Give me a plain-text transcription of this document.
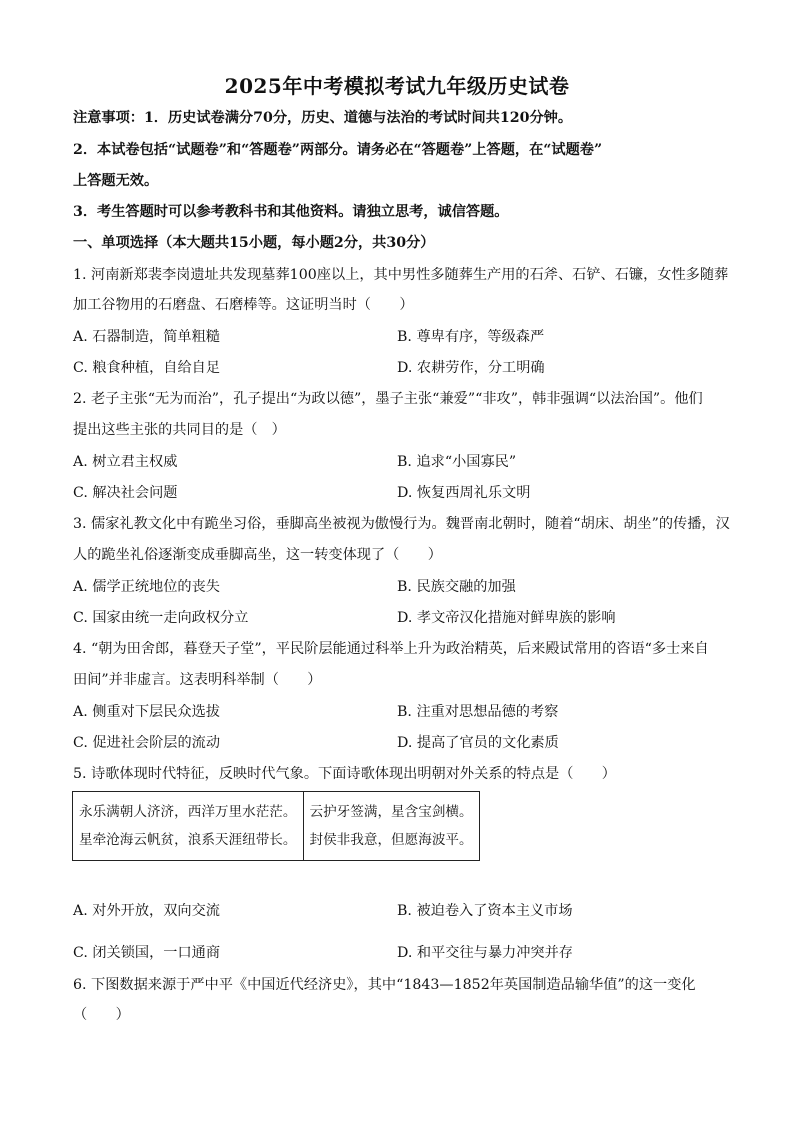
2025年中考模拟考试九年级历史试卷
注意事项：1．历史试卷满分70分，历史、道德与法治的考试时间共120分钟。
2．本试卷包括“试题卷”和“答题卷”两部分。请务必在“答题卷”上答题，在“试题卷”
上答题无效。
3．考生答题时可以参考教科书和其他资料。请独立思考，诚信答题。
一、单项选择（本大题共15小题，每小题2分，共30分）
1. 河南新郑裴李岗遗址共发现墓葬100座以上，其中男性多随葬生产用的石斧、石铲、石镰，女性多随葬
加工谷物用的石磨盘、石磨棒等。这证明当时（　　）
A. 石器制造，简单粗糙	B. 尊卑有序，等级森严
C. 粮食种植，自给自足	D. 农耕劳作，分工明确
2. 老子主张“无为而治”，孔子提出“为政以德”，墨子主张“兼爱”“非攻”，韩非强调“以法治国”。他们
提出这些主张的共同目的是（　）
A. 树立君主权威	B. 追求“小国寡民”
C. 解决社会问题	D. 恢复西周礼乐文明
3. 儒家礼教文化中有跪坐习俗，垂脚高坐被视为傲慢行为。魏晋南北朝时，随着“胡床、胡坐”的传播，汉
人的跪坐礼俗逐渐变成垂脚高坐，这一转变体现了（　　）
A. 儒学正统地位的丧失	B. 民族交融的加强
C. 国家由统一走向政权分立	D. 孝文帝汉化措施对鲜卑族的影响
4. “朝为田舍郎，暮登天子堂”，平民阶层能通过科举上升为政治精英，后来殿试常用的咨语“多士来自
田间”并非虚言。这表明科举制（　　）
A. 侧重对下层民众选拔	B. 注重对思想品德的考察
C. 促进社会阶层的流动	D. 提高了官员的文化素质
5. 诗歌体现时代特征，反映时代气象。下面诗歌体现出明朝对外关系的特点是（　　）
永乐满朝人济济，西洋万里水茫茫。
星牵沧海云帆贫，浪系天涯纽带长。

云护牙签满，星含宝剑横。
封侯非我意，但愿海波平。
A. 对外开放，双向交流	B. 被迫卷入了资本主义市场
C. 闭关锁国，一口通商	D. 和平交往与暴力冲突并存
6. 下图数据来源于严中平《中国近代经济史》，其中“1843—1852年英国制造品输华值”的这一变化
（　　）
